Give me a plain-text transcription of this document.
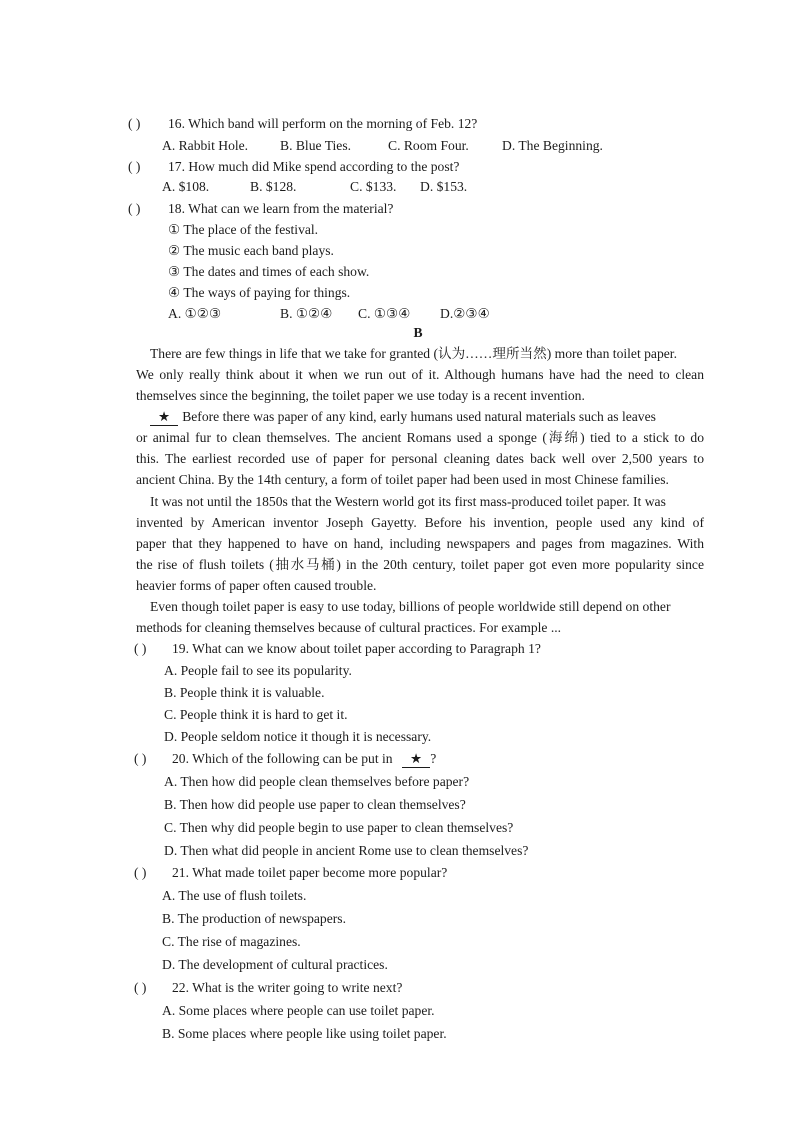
( ) 16. Which band will perform on the morning of Feb. 12?
A. Rabbit Hole. B. Blue Ties.	C. Room Four. D. The Beginning.
( ) 17. How much did Mike spend according to the post?
A. $108.	B. $128.	C. $133. D. $153.
( ) 18. What can we learn from the material?
① The place of the festival.
② The music each band plays.
③ The dates and times of each show.
④ The ways of paying for things.
A. ①②③	B. ①②④ C. ①③④ D.②③④
B
There are few things in life that we take for granted (认为……理所当然) more than toilet paper.
We only really think about it when we run out of it. Although humans have had the need to clean
themselves since the beginning, the toilet paper we use today is a recent invention.
★ Before there was paper of any kind, early humans used natural materials such as leaves
or animal fur to clean themselves. The ancient Romans used a sponge (海绵) tied to a stick to do
this. The earliest recorded use of paper for personal cleaning dates back well over 2,500 years to
ancient China. By the 14th century, a form of toilet paper had been used in most Chinese families.
It was not until the 1850s that the Western world got its first mass-produced toilet paper. It was
invented by American inventor Joseph Gayetty. Before his invention, people used any kind of
paper that they happened to have on hand, including newspapers and pages from magazines. With
the rise of flush toilets (抽水马桶) in the 20th century, toilet paper got even more popularity since
heavier forms of paper often caused trouble.
Even though toilet paper is easy to use today, billions of people worldwide still depend on other
methods for cleaning themselves because of cultural practices. For example ...
( ) 19. What can we know about toilet paper according to Paragraph 1?
A. People fail to see its popularity.
B. People think it is valuable.
C. People think it is hard to get it.
D. People seldom notice it though it is necessary.
( ) 20. Which of the following can be put in ★ ?
A. Then how did people clean themselves before paper?
B. Then how did people use paper to clean themselves?
C. Then why did people begin to use paper to clean themselves?
D. Then what did people in ancient Rome use to clean themselves?
( ) 21. What made toilet paper become more popular?
A. The use of flush toilets.
B. The production of newspapers.
C. The rise of magazines.
D. The development of cultural practices.
( ) 22. What is the writer going to write next?
A. Some places where people can use toilet paper.
B. Some places where people like using toilet paper.
